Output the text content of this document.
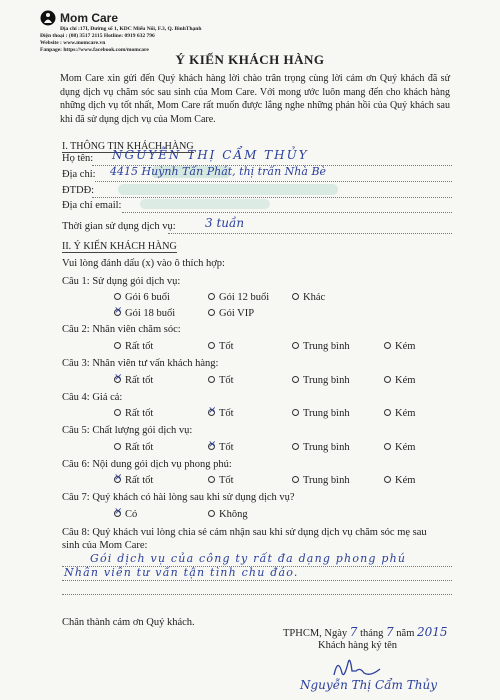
Mom Care
Địa chỉ :17I, Đường số 1, KDC Miếu Nổi, F.3, Q. BìnhThạnh
Điện thoại : (08) 3517 2115 Hotline: 0919 632 796
Website : www.momcare.vn
Fanpage: https://www.facebook.com/momcare
Ý KIẾN KHÁCH HÀNG
Mom Care xin gửi đến Quý khách hàng lời chào trân trọng cùng lời cảm ơn Quý khách đã sử dụng dịch vụ chăm sóc sau sinh của Mom Care. Với mong ước luôn mang đến cho khách hàng những dịch vụ tốt nhất, Mom Care rất muốn được lắng nghe những phản hồi của Quý khách sau khi đã sử dụng dịch vụ của Mom Care.
I. THÔNG TIN KHÁCH HÀNG
Họ tên: NGUYỄN THỊ CẨM THỦY
Địa chỉ: 4415 Huỳnh Tấn Phát, thị trấn Nhà Bè
ĐTDĐ:
Địa chỉ email:
Thời gian sử dụng dịch vụ: 3 tuần
II. Ý KIẾN KHÁCH HÀNG
Vui lòng đánh dấu (x) vào ô thích hợp:
Câu 1: Sử dụng gói dịch vụ:
Gói 6 buổi	Gói 12 buổi	Khác
×Gói 18 buổi	Gói VIP
Câu 2: Nhân viên chăm sóc:
Rất tốt	Tốt	Trung bình	Kém
Câu 3: Nhân viên tư vấn khách hàng:
×Rất tốt	Tốt	Trung bình	Kém
Câu 4: Giá cả:
Rất tốt ×	Tốt	Trung bình	Kém
Câu 5: Chất lượng gói dịch vụ:
Rất tốt ×	Tốt	Trung bình	Kém
Câu 6: Nội dung gói dịch vụ phong phú:
×Rất tốt	Tốt	Trung bình	Kém
Câu 7: Quý khách có hài lòng sau khi sử dụng dịch vụ?
×Có	Không
Câu 8: Quý khách vui lòng chia sẻ cảm nhận sau khi sử dụng dịch vụ chăm sóc mẹ sau sinh của Mom Care:
Gói dịch vụ của công ty rất đa dạng phong phú
Nhân viên tư vấn tận tình chu đáo.
Chân thành cảm ơn Quý khách.
TPHCM, Ngày 7 tháng 7 năm 2015
Khách hàng ký tên
Nguyễn Thị Cẩm Thủy
